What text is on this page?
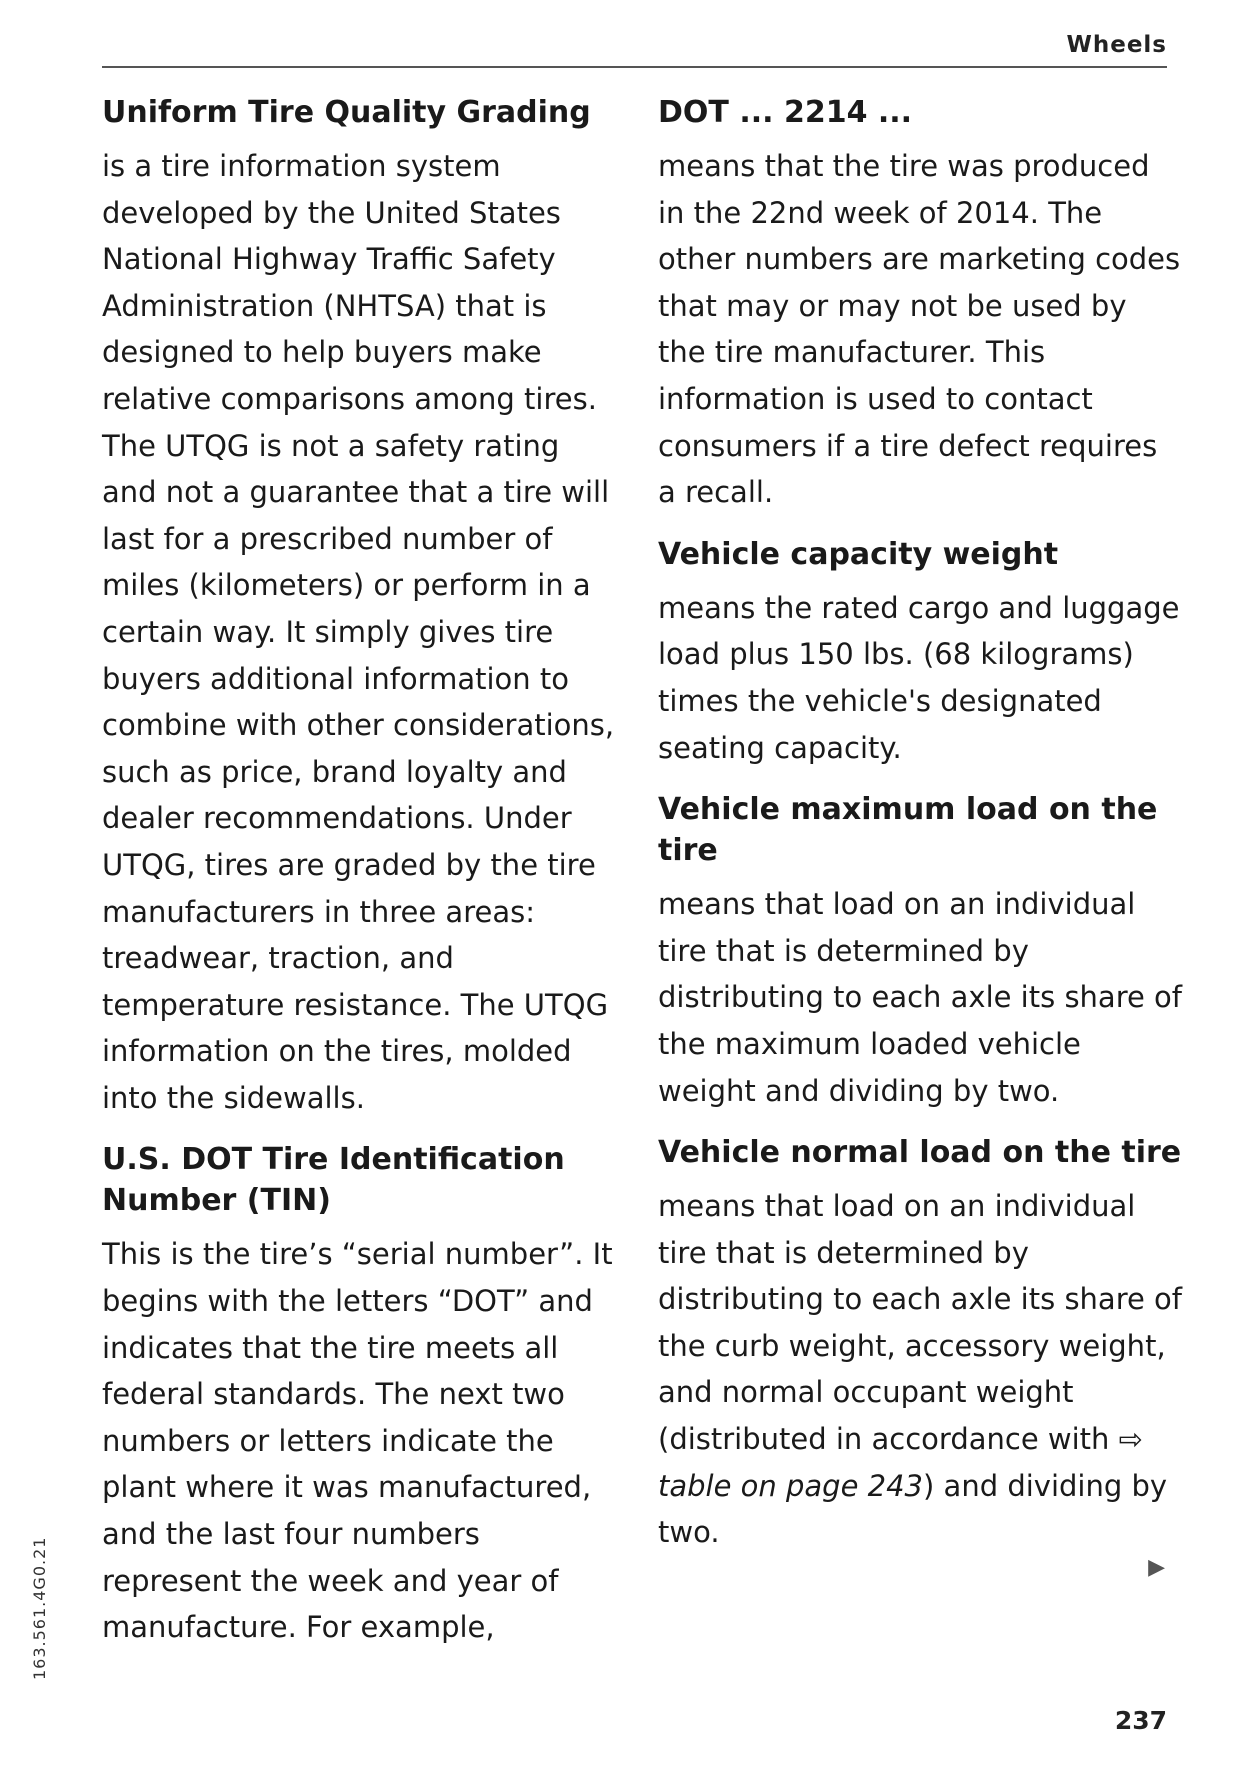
Wheels
Uniform Tire Quality Grading

is a tire information system developed by the United States National Highway Traffic Safety Administration (NHTSA) that is designed to help buyers make relative comparisons among tires. The UTQG is not a safety rating and not a guarantee that a tire will last for a prescribed number of miles (kilometers) or perform in a certain way. It simply gives tire buyers additional information to combine with other considerations, such as price, brand loyalty and dealer recommendations. Under UTQG, tires are graded by the tire manufacturers in three areas: treadwear, traction, and temperature resistance. The UTQG information on the tires, molded into the sidewalls.

U.S. DOT Tire Identification Number (TIN)

This is the tire’s “serial number”. It begins with the letters “DOT” and indicates that the tire meets all federal standards. The next two numbers or letters indicate the plant where it was manufactured, and the last four numbers represent the week and year of manufacture. For example,

DOT ... 2214 ...

means that the tire was produced in the 22nd week of 2014. The other numbers are marketing codes that may or may not be used by the tire manufacturer. This information is used to contact consumers if a tire defect requires a recall.

Vehicle capacity weight

means the rated cargo and luggage load plus 150 lbs. (68 kilograms) times the vehicle's designated seating capacity.

Vehicle maximum load on the tire

means that load on an individual tire that is determined by distributing to each axle its share of the maximum loaded vehicle weight and dividing by two.

Vehicle normal load on the tire

means that load on an individual tire that is determined by distributing to each axle its share of the curb weight, accessory weight, and normal occupant weight (distributed in accordance with ⇨ table on page 243) and dividing by two.

▶
163.561.4G0.21
237
